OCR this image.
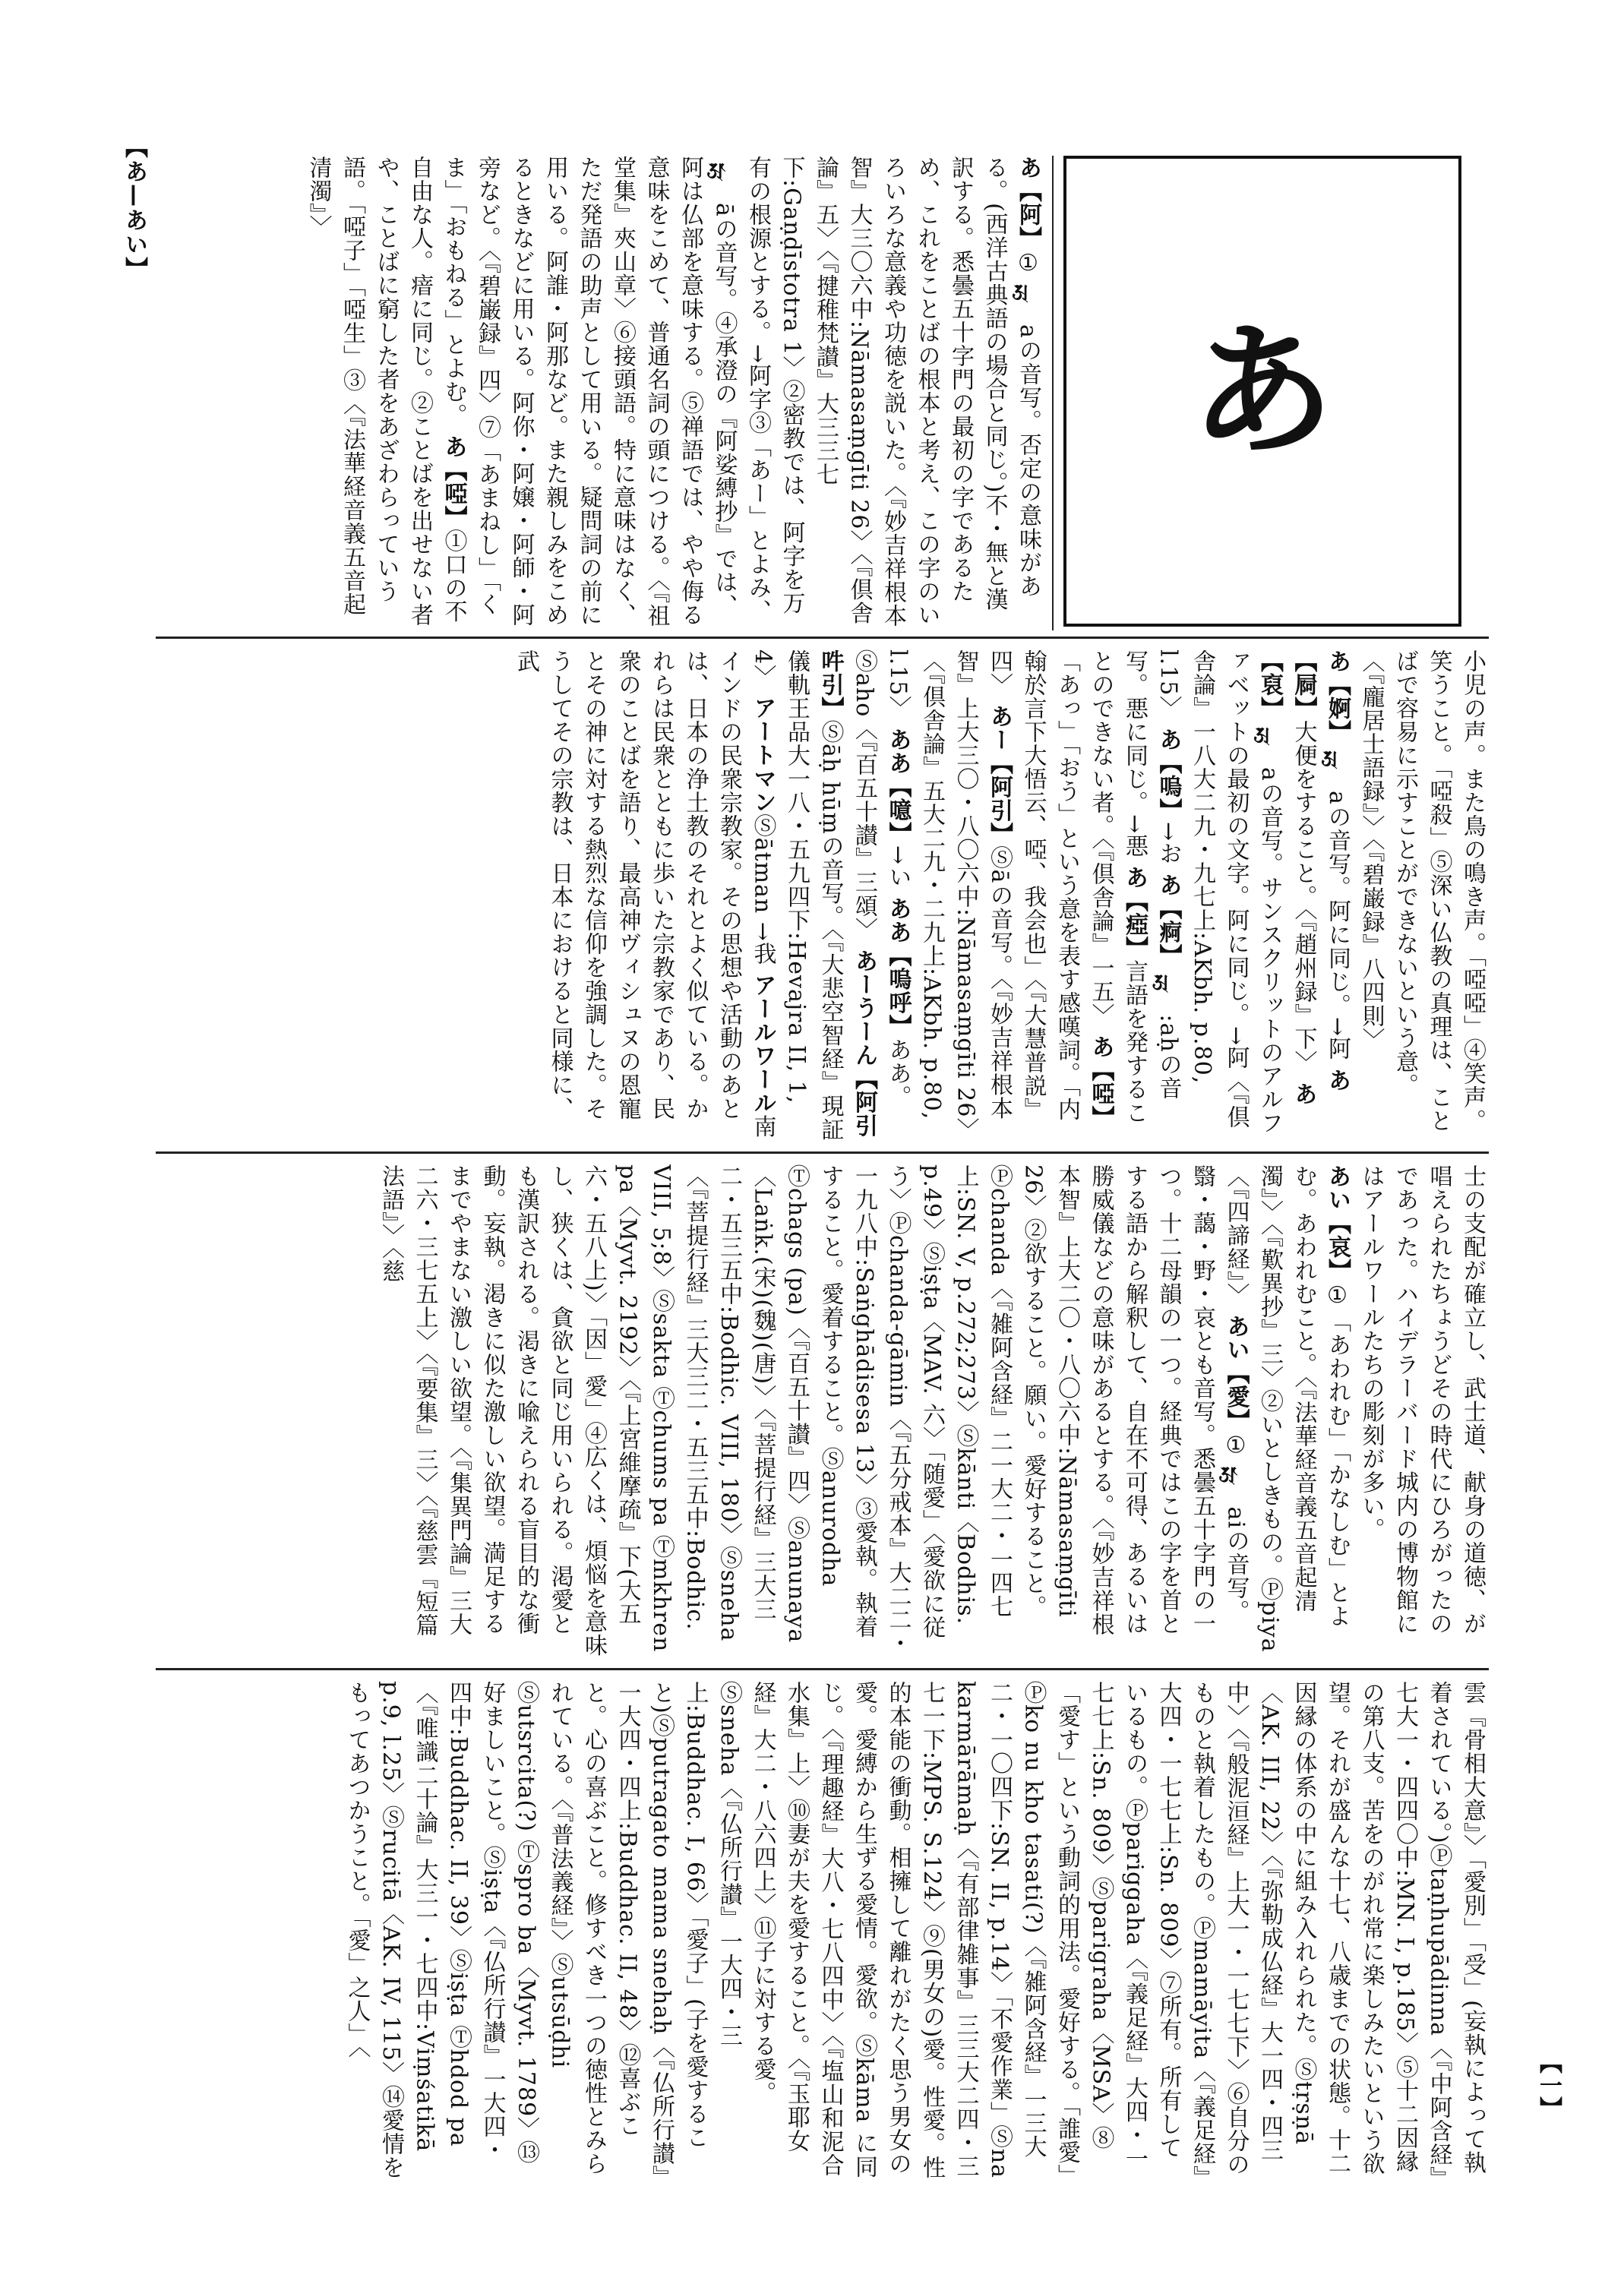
【あ—あい】
あ
あ【阿】①𑖀aの音写。否定の意味がある。(西洋古典語の場合と同じ。)不・無と漢訳する。悉曇五十字門の最初の字であるため、これをことばの根本と考え、この字のいろいろな意義や功徳を説いた。〈『妙吉祥根本智』大三〇六中:Nāmasaṃgīti 26〉〈『倶舎論』五〉〈『揵稚梵讃』大三三七下:Gaṇḍīstotra 1〉②密教では、阿字を万有の根源とする。→阿字③「あー」とよみ、𑖁āの音写。④承澄の『阿娑縛抄』では、阿は仏部を意味する。⑤禅語では、やや侮る意味をこめて、普通名詞の頭につける。〈『祖堂集』夾山章〉⑥接頭語。特に意味はなく、ただ発語の助声として用いる。疑問詞の前に用いる。阿誰・阿那など。また親しみをこめるときなどに用いる。阿你・阿嬢・阿師・阿旁など。〈『碧巌録』四〉⑦「あまねし」「くま」「おもねる」とよむ。 あ【啞】①口の不自由な人。瘖に同じ。②ことばを出せない者や、ことばに窮した者をあざわらっていう語。「啞子」「啞生」③〈『法華経音義五音起清濁』〉
小児の声。また鳥の鳴き声。「啞啞」④笑声。笑うこと。「啞殺」⑤深い仏教の真理は、ことばで容易に示すことができないという意。〈『龐居士語録』〉〈『碧巌録』八四則〉 あ【婀】𑖀aの音写。阿に同じ。→阿 あ【屙】大便をすること。〈『趙州録』下〉 あ【裒】𑖀aの音写。サンスクリットのアルファベットの最初の文字。阿に同じ。→阿〈『倶舎論』一八大二九・九七上:AKbh. p.80, l.15〉 あ【嗚】→お あ【痾】𑖀:aḥの音写。悪に同じ。→悪 あ【瘂】言語を発することのできない者。〈『倶舎論』一五〉 あ【啞】「あっ」「おう」という意を表す感嘆詞。「内翰於言下大悟云、啞、我会也」〈『大慧普説』四〉 あー【阿引】Ⓢāの音写。〈『妙吉祥根本智』上大三〇・八〇六中:Nāmasaṃgīti 26〉〈『倶舎論』五大二九・二九上:AKbh. p.80, l.15〉 ああ【噫】→い ああ【嗚呼】ああ。Ⓢaho〈『百五十讃』三頌〉 あーうーん【阿引吽引】Ⓢāḥ hūṃの音写。〈『大悲空智経』現証儀軌王品大一八・五九四下:Hevajra II, 1, 4〉 アートマンⓈātman →我 アールワール南インドの民衆宗教家。その思想や活動のあとは、日本の浄土教のそれとよく似ている。かれらは民衆とともに歩いた宗教家であり、民衆のことばを語り、最高神ヴィシュヌの恩寵とその神に対する熱烈な信仰を強調した。そうしてその宗教は、日本におけると同様に、武
士の支配が確立し、武士道、献身の道徳、が唱えられたちょうどその時代にひろがったのであった。ハイデラーバード城内の博物館にはアールワールたちの彫刻が多い。 あい【哀】①「あわれむ」「かなしむ」とよむ。あわれむこと。〈『法華経音義五音起清濁』〉〈『歎異抄』三〉②いとしきもの。Ⓟpiya〈『四諦経』〉 あい【愛】①𑖁aiの音写。翳・藹・野・哀とも音写。悉曇五十字門の一つ。十二母韻の一つ。経典ではこの字を首とする語から解釈して、自在不可得、あるいは勝威儀などの意味があるとする。〈『妙吉祥根本智』上大二〇・八〇六中:Nāmasaṃgīti 26〉②欲すること。願い。愛好すること。Ⓟchanda〈『雑阿含経』二一大二・一四七上:SN. V, p.272;273〉Ⓢkānti〈Bodhis. p.49〉Ⓢiṣṭa〈MAV. 六〉「随愛」〈愛欲に従う〉Ⓟchanda-gāmin〈『五分戒本』大二二・一九八中:Saṅghādisesa 13〉③愛執。執着すること。愛着すること。Ⓢanurodha Ⓣchags (pa)〈『百五十讃』四〉Ⓢanunaya〈Laṅk.(宋)(魏)(唐)〉〈『菩提行経』三大三二・五三五中:Bodhic. VIII, 180〉Ⓢsneha〈『菩提行経』三大三二・五三五中:Bodhic. VIII, 5;8〉Ⓢsakta Ⓣchums pa Ⓣmkhren pa〈Myvt. 2192〉〈『上宮維摩疏』下(大五六・五八上)〉「因」愛」④広くは、煩悩を意味し、狭くは、貪欲と同じ用いられる。渇愛とも漢訳される。渇きに喩えられる盲目的な衝動。妄執。渇きに似た激しい欲望。満足するまでやまない激しい欲望。〈『集異門論』三大二六・三七五上〉〈『要集』三〉〈『慈雲『短篇法語』〉〈慈
雲『骨相大意』〉「愛別」「受」(妄執によって執着されている。)Ⓟtaṇhupādinna〈『中阿含経』七大一・四四〇中:MN. I, p.185〉⑤十二因縁の第八支。苦をのがれ常に楽しみたいという欲望。それが盛んな十七、八歳までの状態。十二因縁の体系の中に組み入れられた。Ⓢtṛṣṇā〈AK. III, 22〉〈『弥勒成仏経』大一四・四三中〉〈『般泥洹経』上大一・一七七下〉⑥自分のものと執着したもの。Ⓟmamāyita〈『義足経』大四・一七七上:Sn. 809〉⑦所有。所有しているもの。Ⓟpariggaha〈『義足経』大四・一七七上:Sn. 809〉Ⓢparigraha〈MSA〉⑧「愛す」という動詞的用法。愛好する。「誰愛」Ⓟko nu kho tasati(?)〈『雑阿含経』一三大二・一〇四下:SN. II, p.14〉「不愛作業」Ⓢna karmārāmaḥ〈『有部律雑事』三三大二四・三七一下:MPS. S.124〉⑨(男女の)愛。性愛。性的本能の衝動。相擁して離れがたく思う男女の愛。愛縛から生ずる愛情。愛欲。Ⓢkāma に同じ。〈『理趣経』大八・七八四中〉〈『塩山和泥合水集』上〉⑩妻が夫を愛すること。〈『玉耶女経』大二・八六四上〉⑪子に対する愛。Ⓢsneha〈『仏所行讃』一大四・三上:Buddhac. I, 66〉「愛子」(子を愛すること)Ⓢputragato mama snehaḥ〈『仏所行讃』一大四・四上:Buddhac. II, 48〉⑫喜ぶこと。心の喜ぶこと。修すべき一つの徳性とみられている。〈『普法義経』〉Ⓢutsūḍhi Ⓢutsrcita(?) Ⓣspro ba〈Myvt. 1789〉⑬好ましいこと。Ⓢiṣṭa〈『仏所行讃』一大四・四中:Buddhac. II, 39〉Ⓢiṣṭa Ⓣhdod pa〈『唯識二十論』大三一・七四中:Viṃśatikā p.9, l.25〉Ⓢrucitā〈AK. IV, 115〉⑭愛情をもってあつかうこと。「愛」之人」〈
【一】
